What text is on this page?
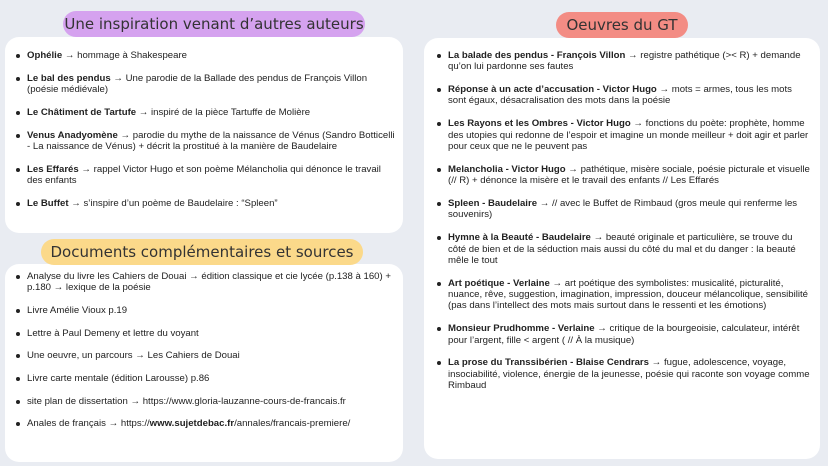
Ophélie → hommage à Shakespeare
Le bal des pendus → Une parodie de la Ballade des pendus de François Villon (poésie médiévale)
Le Châtiment de Tartufe → inspiré de la pièce Tartuffe de Molière
Venus Anadyomène → parodie du mythe de la naissance de Vénus (Sandro Botticelli - La naissance de Vénus) + décrit la prostitué à la manière de Baudelaire
Les Effarés → rappel Victor Hugo et son poème Mélancholia qui dénonce le travail des enfants
Le Buffet → s’inspire d’un poème de Baudelaire : “Spleen”
Une inspiration venant d’autres auteurs
Analyse du livre les Cahiers de Douai → édition classique et cie lycée (p.138 à 160) + p.180 → lexique de la poésie
Livre Amélie Vioux p.19
Lettre à Paul Demeny et lettre du voyant
Une oeuvre, un parcours → Les Cahiers de Douai
Livre carte mentale (édition Larousse) p.86
site plan de dissertation → https://www.gloria-lauzanne-cours-de-francais.fr
Anales de français → https://www.sujetdebac.fr/annales/francais-premiere/
Documents complémentaires et sources
La balade des pendus - François Villon → registre pathétique (>< R) + demande qu’on lui pardonne ses fautes
Réponse à un acte d’accusation - Victor Hugo → mots = armes, tous les mots sont égaux, désacralisation des mots dans la poésie
Les Rayons et les Ombres - Victor Hugo → fonctions du poète: prophète, homme des utopies qui redonne de l’espoir et imagine un monde meilleur + doit agir et parler pour ceux que ne le peuvent pas
Melancholia - Victor Hugo → pathétique, misère sociale, poésie picturale et visuelle (// R) + dénonce la misère et le travail des enfants // Les Effarés
Spleen - Baudelaire → // avec le Buffet de Rimbaud (gros meule qui renferme les souvenirs)
Hymne à la Beauté - Baudelaire → beauté originale et particulière, se trouve du côté de bien et de la séduction mais aussi du côté du mal et du danger : la beauté mêle le tout
Art poétique - Verlaine → art poétique des symbolistes: musicalité, picturalité, nuance, rêve, suggestion, imagination, impression, douceur mélancolique, sensibilité (pas dans l’intellect des mots mais surtout dans le ressenti et les émotions)
Monsieur Prudhomme - Verlaine → critique de la bourgeoisie, calculateur, intérêt pour l’argent, fille < argent ( // À la musique)
La prose du Transsibérien - Blaise Cendrars → fugue, adolescence, voyage, insociabilité, violence, énergie de la jeunesse, poésie qui raconte son voyage comme Rimbaud
Oeuvres du GT
